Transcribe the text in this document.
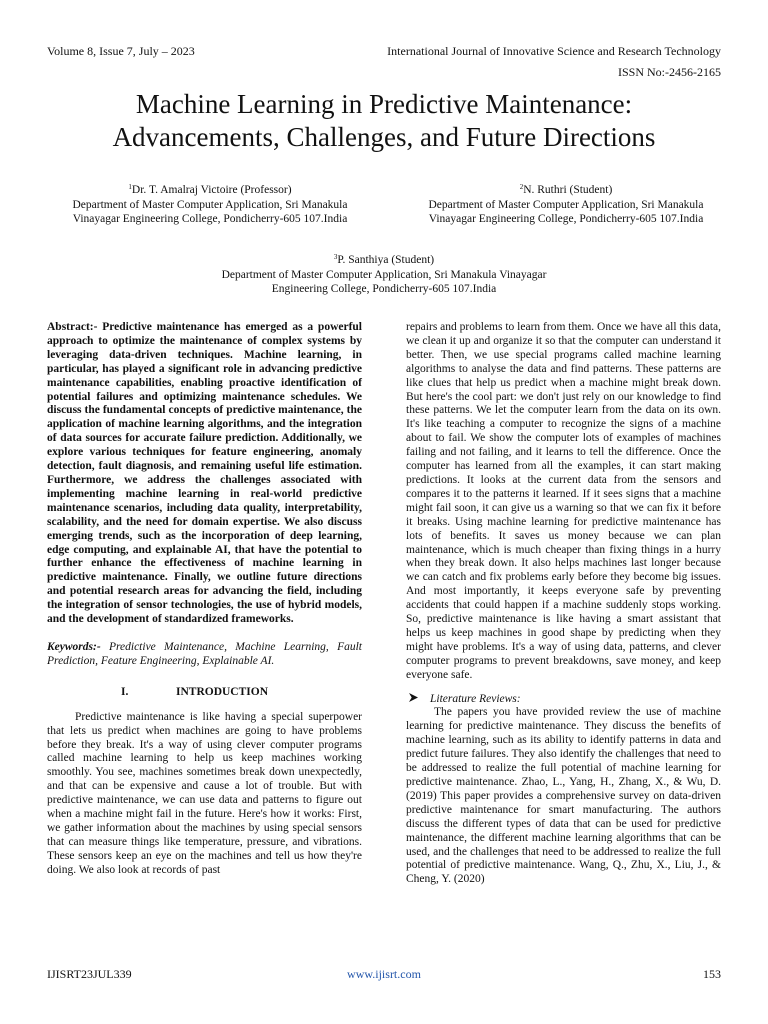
Volume 8, Issue 7, July – 2023	International Journal of Innovative Science and Research Technology
ISSN No:-2456-2165
Machine Learning in Predictive Maintenance:
Advancements, Challenges, and Future Directions
$^1$Dr. T. Amalraj Victoire (Professor)
Department of Master Computer Application, Sri Manakula
Vinayagar Engineering College, Pondicherry-605 107.India
$^2$N. Ruthri (Student)
Department of Master Computer Application, Sri Manakula
Vinayagar Engineering College, Pondicherry-605 107.India
$^3$P. Santhiya (Student)
Department of Master Computer Application, Sri Manakula Vinayagar
Engineering College, Pondicherry-605 107.India

Abstract:- Predictive maintenance has emerged as a powerful approach to optimize the maintenance of complex systems by leveraging data-driven techniques. Machine learning, in particular, has played a significant role in advancing predictive maintenance capabilities, enabling proactive identification of potential failures and optimizing maintenance schedules. We discuss the fundamental concepts of predictive maintenance, the application of machine learning algorithms, and the integration of data sources for accurate failure prediction. Additionally, we explore various techniques for feature engineering, anomaly detection, fault diagnosis, and remaining useful life estimation. Furthermore, we address the challenges associated with implementing machine learning in real-world predictive maintenance scenarios, including data quality, interpretability, scalability, and the need for domain expertise. We also discuss emerging trends, such as the incorporation of deep learning, edge computing, and explainable AI, that have the potential to further enhance the effectiveness of machine learning in predictive maintenance. Finally, we outline future directions and potential research areas for advancing the field, including the integration of sensor technologies, the use of hybrid models, and the development of standardized frameworks.

Keywords:- Predictive Maintenance, Machine Learning, Fault Prediction, Feature Engineering, Explainable AI.

I.	INTRODUCTION

Predictive maintenance is like having a special superpower that lets us predict when machines are going to have problems before they break. It's a way of using clever computer programs called machine learning to help us keep machines working smoothly. You see, machines sometimes break down unexpectedly, and that can be expensive and cause a lot of trouble. But with predictive maintenance, we can use data and patterns to figure out when a machine might fail in the future. Here's how it works: First, we gather information about the machines by using special sensors that can measure things like temperature, pressure, and vibrations. These sensors keep an eye on the machines and tell us how they're doing. We also look at records of past

repairs and problems to learn from them. Once we have all this data, we clean it up and organize it so that the computer can understand it better. Then, we use special programs called machine learning algorithms to analyse the data and find patterns. These patterns are like clues that help us predict when a machine might break down. But here's the cool part: we don't just rely on our knowledge to find these patterns. We let the computer learn from the data on its own. It's like teaching a computer to recognize the signs of a machine about to fail. We show the computer lots of examples of machines failing and not failing, and it learns to tell the difference. Once the computer has learned from all the examples, it can start making predictions. It looks at the current data from the sensors and compares it to the patterns it learned. If it sees signs that a machine might fail soon, it can give us a warning so that we can fix it before it breaks. Using machine learning for predictive maintenance has lots of benefits. It saves us money because we can plan maintenance, which is much cheaper than fixing things in a hurry when they break down. It also helps machines last longer because we can catch and fix problems early before they become big issues. And most importantly, it keeps everyone safe by preventing accidents that could happen if a machine suddenly stops working. So, predictive maintenance is like having a smart assistant that helps us keep machines in good shape by predicting when they might have problems. It's a way of using data, patterns, and clever computer programs to prevent breakdowns, save money, and keep everyone safe.

Literature Reviews:

The papers you have provided review the use of machine learning for predictive maintenance. They discuss the benefits of machine learning, such as its ability to identify patterns in data and predict future failures. They also identify the challenges that need to be addressed to realize the full potential of machine learning for predictive maintenance. Zhao, L., Yang, H., Zhang, X., & Wu, D. (2019) This paper provides a comprehensive survey on data-driven predictive maintenance for smart manufacturing. The authors discuss the different types of data that can be used for predictive maintenance, the different machine learning algorithms that can be used, and the challenges that need to be addressed to realize the full potential of predictive maintenance. Wang, Q., Zhu, X., Liu, J., & Cheng, Y. (2020)

IJISRT23JUL339	www.ijisrt.com	153
